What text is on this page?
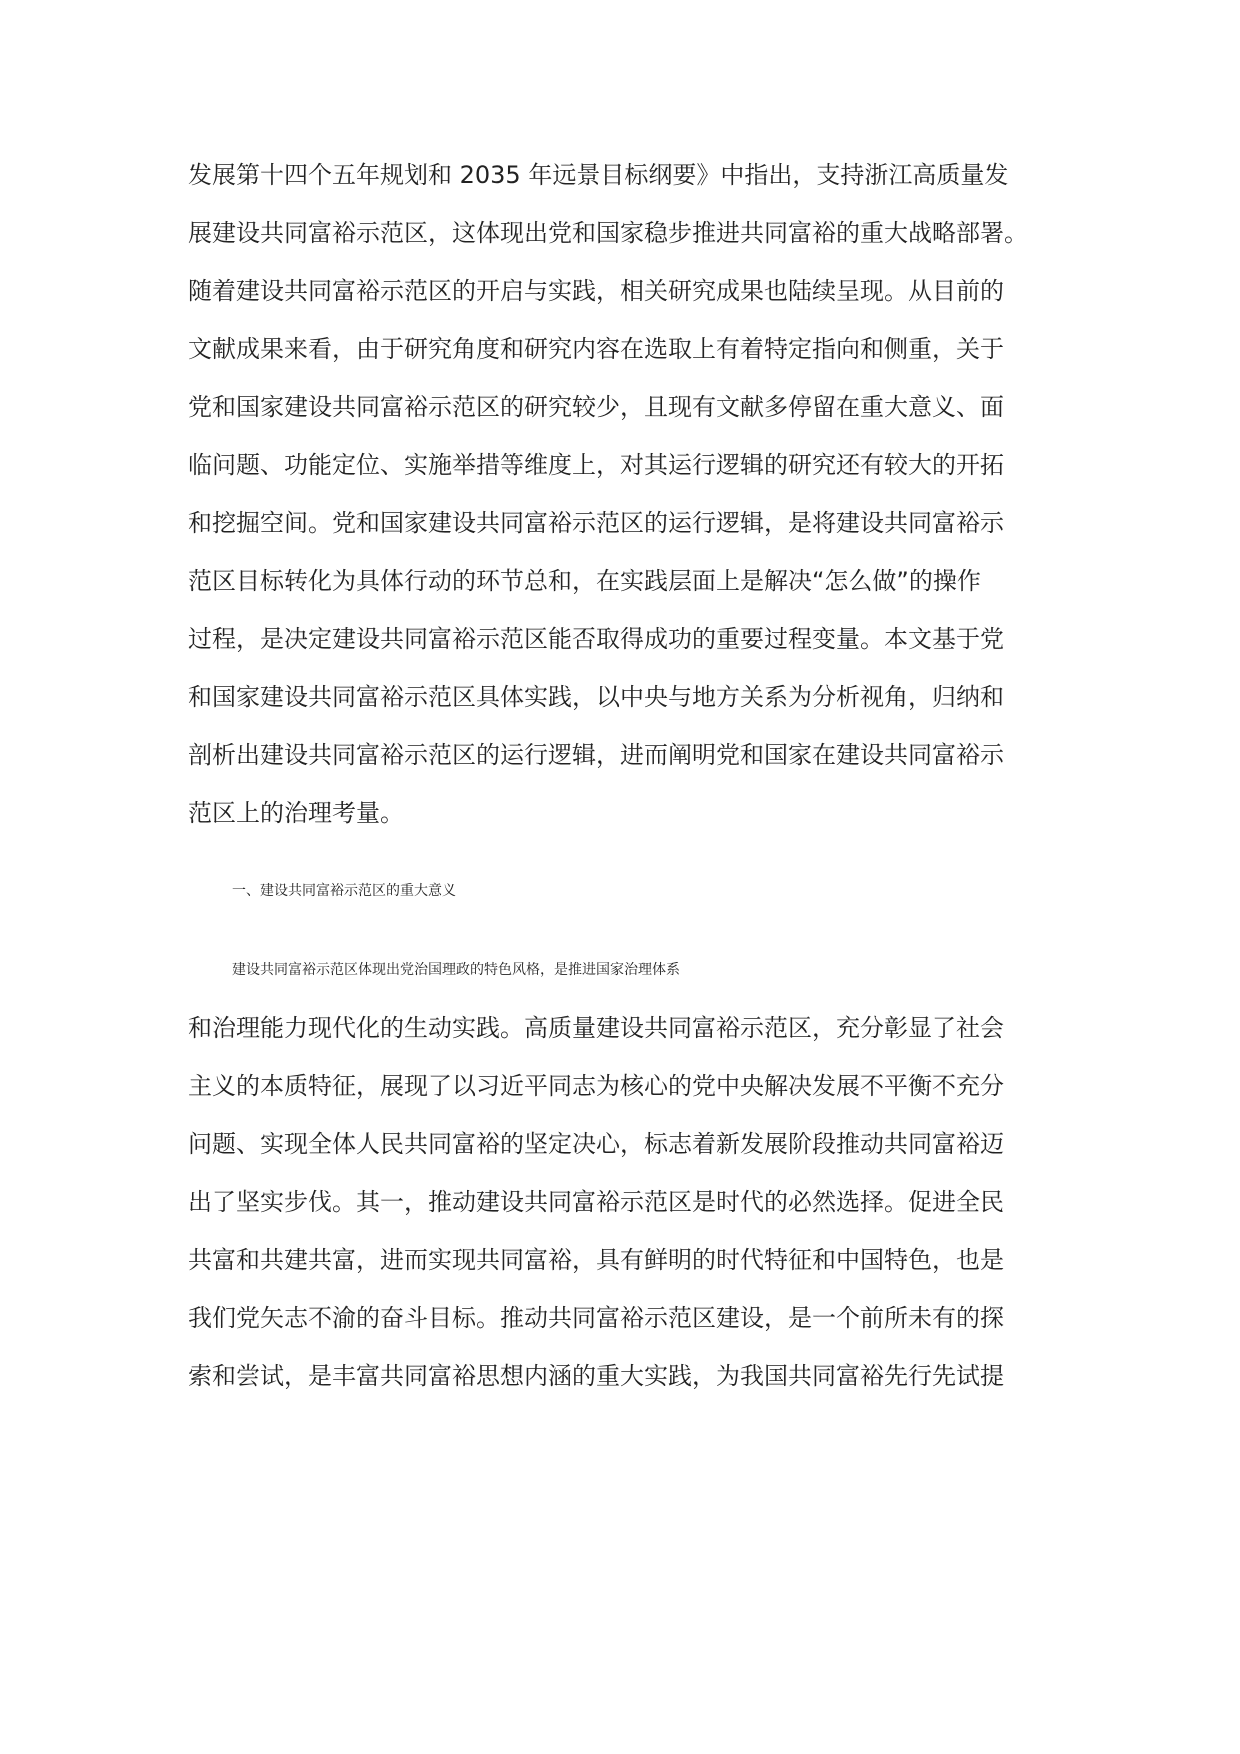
发展第十四个五年规划和 2035 年远景目标纲要》中指出，支持浙江高质量发
展建设共同富裕示范区，这体现出党和国家稳步推进共同富裕的重大战略部署。
随着建设共同富裕示范区的开启与实践，相关研究成果也陆续呈现。从目前的
文献成果来看，由于研究角度和研究内容在选取上有着特定指向和侧重，关于
党和国家建设共同富裕示范区的研究较少，且现有文献多停留在重大意义、面
临问题、功能定位、实施举措等维度上，对其运行逻辑的研究还有较大的开拓
和挖掘空间。党和国家建设共同富裕示范区的运行逻辑，是将建设共同富裕示
范区目标转化为具体行动的环节总和，在实践层面上是解决“怎么做”的操作
过程，是决定建设共同富裕示范区能否取得成功的重要过程变量。本文基于党
和国家建设共同富裕示范区具体实践，以中央与地方关系为分析视角，归纳和
剖析出建设共同富裕示范区的运行逻辑，进而阐明党和国家在建设共同富裕示
范区上的治理考量。
一、建设共同富裕示范区的重大意义
建设共同富裕示范区体现出党治国理政的特色风格，是推进国家治理体系
和治理能力现代化的生动实践。高质量建设共同富裕示范区，充分彰显了社会
主义的本质特征，展现了以习近平同志为核心的党中央解决发展不平衡不充分
问题、实现全体人民共同富裕的坚定决心，标志着新发展阶段推动共同富裕迈
出了坚实步伐。其一，推动建设共同富裕示范区是时代的必然选择。促进全民
共富和共建共富，进而实现共同富裕，具有鲜明的时代特征和中国特色，也是
我们党矢志不渝的奋斗目标。推动共同富裕示范区建设，是一个前所未有的探
索和尝试，是丰富共同富裕思想内涵的重大实践，为我国共同富裕先行先试提
